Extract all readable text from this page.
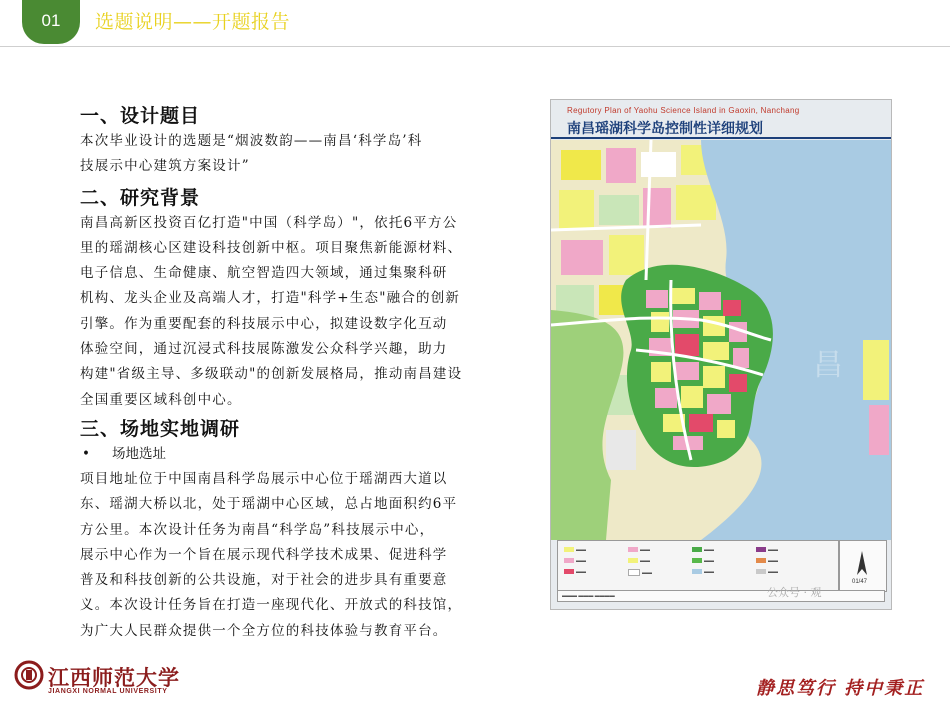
01 选题说明——开题报告
一、设计题目

本次毕业设计的选题是“烟波数韵——南昌‘科学岛’科

技展示中心建筑方案设计”

二、研究背景

南昌高新区投资百亿打造"中国（科学岛）"，依托6平方公

里的瑶湖核心区建设科技创新中枢。项目聚焦新能源材料、

电子信息、生命健康、航空智造四大领域，通过集聚科研

机构、龙头企业及高端人才，打造"科学+生态"融合的创新

引擎。作为重要配套的科技展示中心，拟建设数字化互动

体验空间，通过沉浸式科技展陈激发公众科学兴趣，助力

构建"省级主导、多级联动"的创新发展格局，推动南昌建设

全国重要区域科创中心。

三、场地实地调研
•	场地选址

项目地址位于中国南昌科学岛展示中心位于瑶湖西大道以

东、瑶湖大桥以北，处于瑶湖中心区域，总占地面积约6平

方公里。本次设计任务为南昌“科学岛”科技展示中心，

展示中心作为一个旨在展示现代科学技术成果、促进科学

普及和科技创新的公共设施，对于社会的进步具有重要意

义。本次设计任务旨在打造一座现代化、开放式的科技馆，

为广大人民群众提供一个全方位的科技体验与教育平台。

Regutory Plan of Yaohu Science Island in Gaoxin, Nanchang
南昌瑶湖科学岛控制性详细规划
昌
▬▬
▬▬
▬▬
▬▬
▬▬
▬▬
▬▬
▬▬
▬▬
▬▬
▬▬
▬▬
01/47
▬▬▬ ▬▬▬ ▬▬▬▬	公众号 · 观
江西师范大学
JIANGXI NORMAL UNIVERSITY	静思笃行 持中秉正
